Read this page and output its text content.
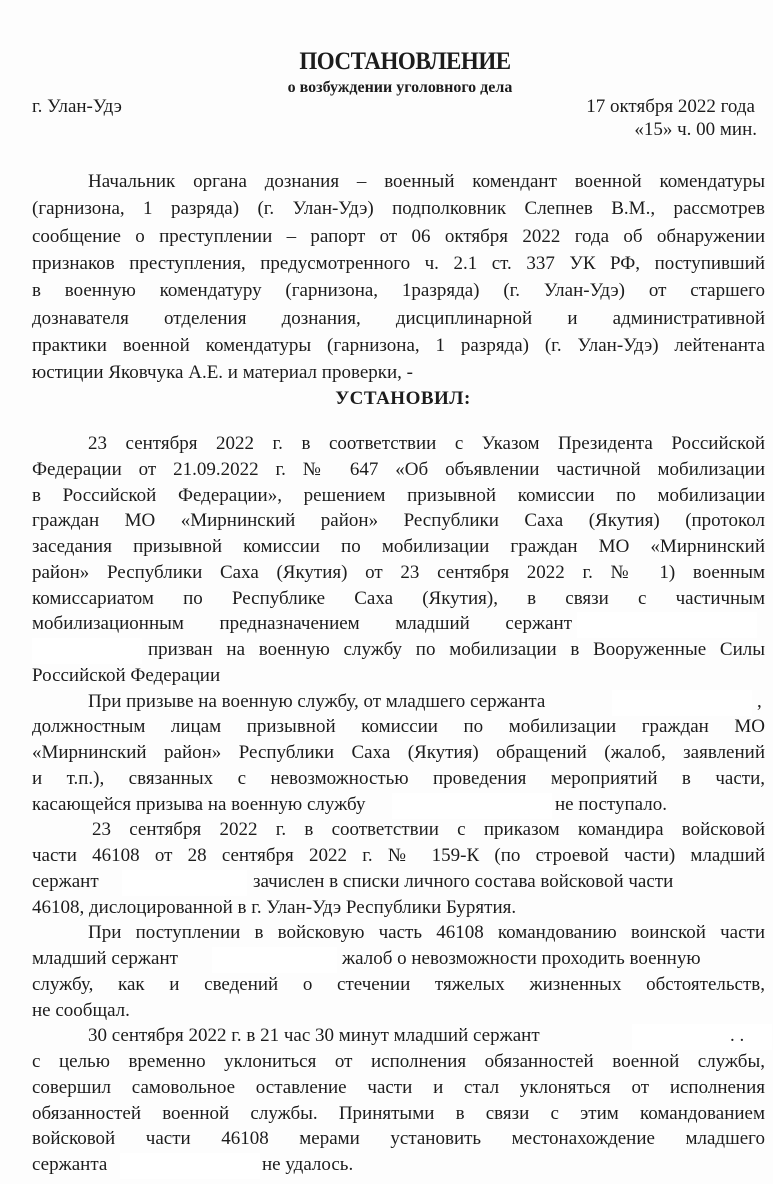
ПОСТАНОВЛЕНИЕ
о возбуждении уголовного дела
г. Улан-Удэ	17 октября 2022 года
«15» ч. 00 мин.
Начальник органа дознания – военный комендант военной комендатуры
(гарнизона, 1 разряда) (г. Улан-Удэ) подполковник Слепнев В.М., рассмотрев
сообщение о преступлении – рапорт от 06 октября 2022 года об обнаружении
признаков преступления, предусмотренного ч. 2.1 ст. 337 УК РФ, поступивший
в военную комендатуру (гарнизона, 1разряда) (г. Улан-Удэ) от старшего
дознавателя отделения дознания, дисциплинарной и административной
практики военной комендатуры (гарнизона, 1 разряда) (г. Улан-Удэ) лейтенанта
юстиции Яковчука А.Е. и материал проверки, -
УСТАНОВИЛ:
23 сентября 2022 г. в соответствии с Указом Президента Российской
Федерации от 21.09.2022 г. № 647 «Об объявлении частичной мобилизации
в Российской Федерации», решением призывной комиссии по мобилизации
граждан МО «Мирнинский район» Республики Саха (Якутия) (протокол
заседания призывной комиссии по мобилизации граждан МО «Мирнинский
район» Республики Саха (Якутия) от 23 сентября 2022 г. № 1) военным
комиссариатом по Республике Саха (Якутия), в связи с частичным
мобилизационным предназначением младший сержант
призван на военную службу по мобилизации в Вооруженные Силы
Российской Федерации
При призыве на военную службу, от младшего сержанта	,
должностным лицам призывной комиссии по мобилизации граждан МО
«Мирнинский район» Республики Саха (Якутия) обращений (жалоб, заявлений
и т.п.), связанных с невозможностью проведения мероприятий в части,
касающейся призыва на военную службу	не поступало.
23 сентября 2022 г. в соответствии с приказом командира войсковой
части 46108 от 28 сентября 2022 г. № 159-К (по строевой части) младший
сержант	зачислен в списки личного состава войсковой части
46108, дислоцированной в г. Улан-Удэ Республики Бурятия.
При поступлении в войсковую часть 46108 командованию воинской части
младший сержант	жалоб о невозможности проходить военную
службу, как и сведений о стечении тяжелых жизненных обстоятельств,
не сообщал.
30 сентября 2022 г. в 21 час 30 минут младший сержант	. .
с целью временно уклониться от исполнения обязанностей военной службы,
совершил самовольное оставление части и стал уклоняться от исполнения
обязанностей военной службы. Принятыми в связи с этим командованием
войсковой части 46108 мерами установить местонахождение младшего
сержанта	не удалось.
